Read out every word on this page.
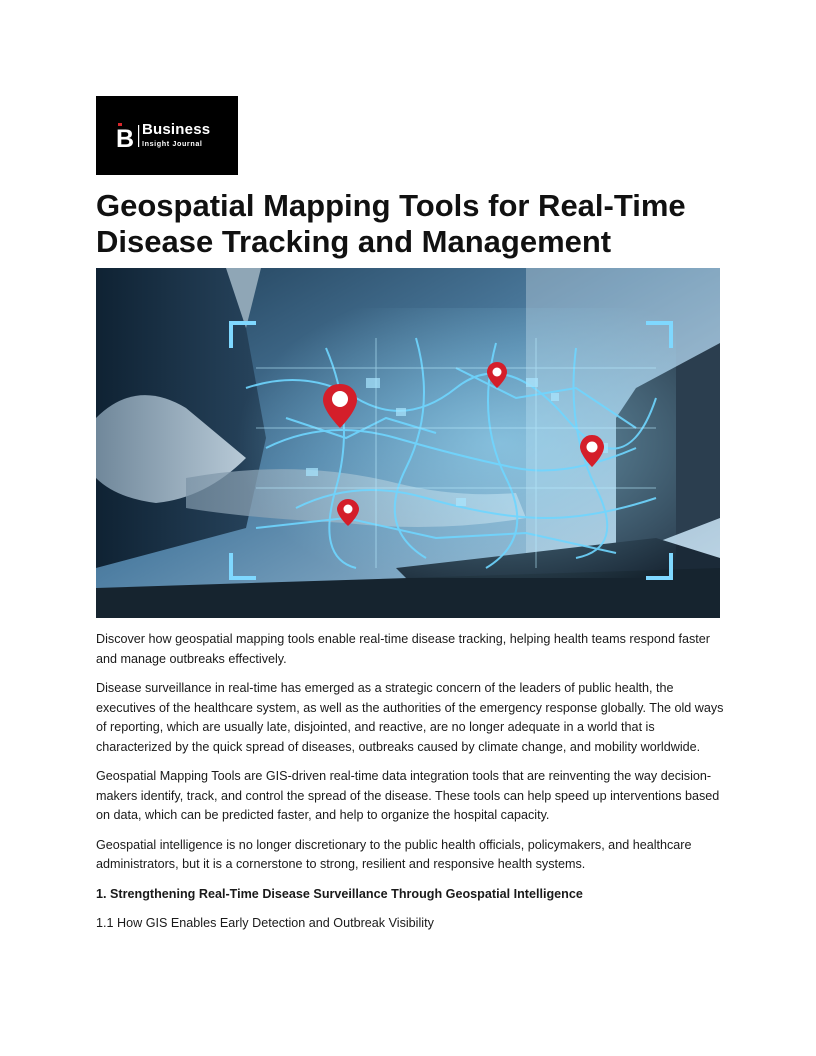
B Business
Insight Journal
Geospatial Mapping Tools for Real-Time Disease Tracking and Management

Discover how geospatial mapping tools enable real-time disease tracking, helping health teams respond faster and manage outbreaks effectively.

Disease surveillance in real-time has emerged as a strategic concern of the leaders of public health, the executives of the healthcare system, as well as the authorities of the emergency response globally. The old ways of reporting, which are usually late, disjointed, and reactive, are no longer adequate in a world that is characterized by the quick spread of diseases, outbreaks caused by climate change, and mobility worldwide.

Geospatial Mapping Tools are GIS-driven real-time data integration tools that are reinventing the way decision-makers identify, track, and control the spread of the disease. These tools can help speed up interventions based on data, which can be predicted faster, and help to organize the hospital capacity.

Geospatial intelligence is no longer discretionary to the public health officials, policymakers, and healthcare administrators, but it is a cornerstone to strong, resilient and responsive health systems.

1. Strengthening Real-Time Disease Surveillance Through Geospatial Intelligence

1.1 How GIS Enables Early Detection and Outbreak Visibility
